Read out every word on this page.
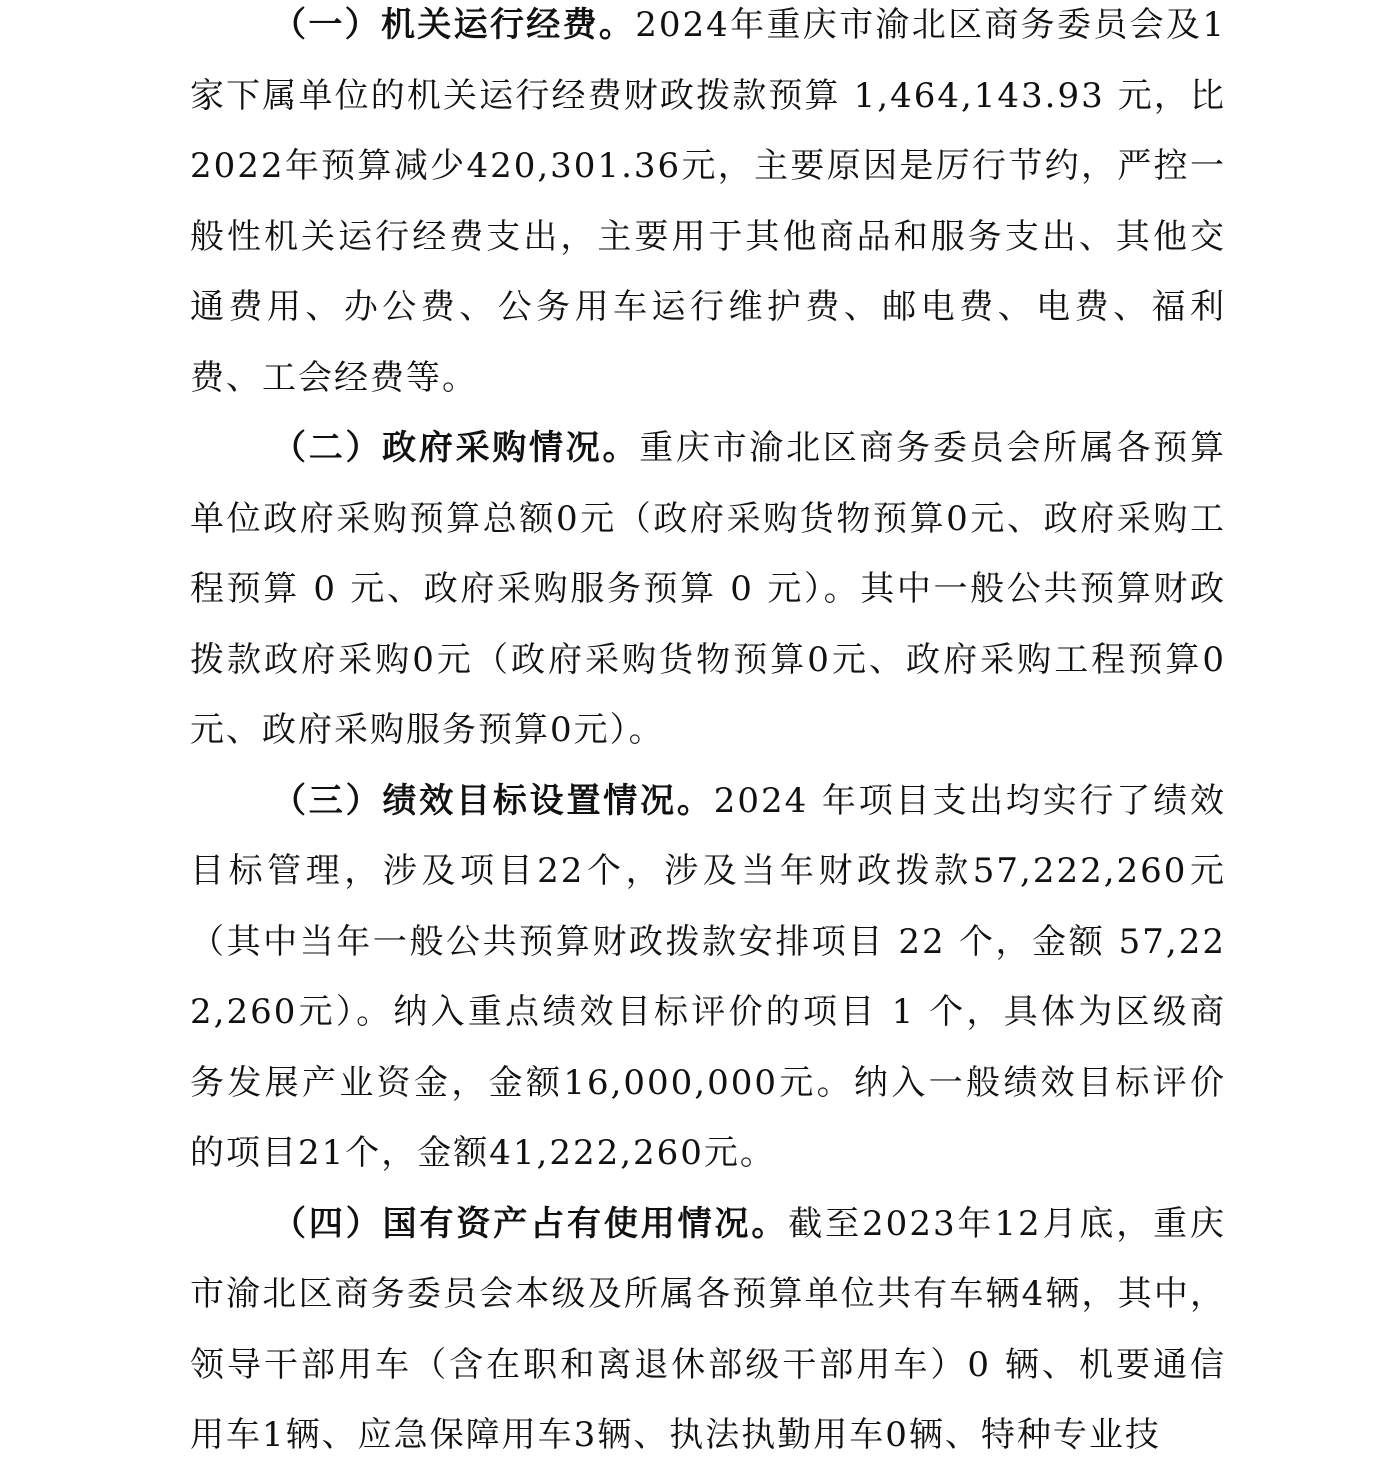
（一）机关运行经费。2024年重庆市渝北区商务委员会及1家下属单位的机关运行经费财政拨款预算 1,464,143.93 元，比2022年预算减少420,301.36元，主要原因是厉行节约，严控一般性机关运行经费支出，主要用于其他商品和服务支出、其他交通费用、办公费、公务用车运行维护费、邮电费、电费、福利费、工会经费等。

（二）政府采购情况。重庆市渝北区商务委员会所属各预算单位政府采购预算总额0元（政府采购货物预算0元、政府采购工程预算 0 元、政府采购服务预算 0 元）。其中一般公共预算财政拨款政府采购0元（政府采购货物预算0元、政府采购工程预算0元、政府采购服务预算0元）。

（三）绩效目标设置情况。2024 年项目支出均实行了绩效目标管理，涉及项目22个，涉及当年财政拨款57,222,260元（其中当年一般公共预算财政拨款安排项目 22 个，金额 57,222,260元）。纳入重点绩效目标评价的项目 1 个，具体为区级商务发展产业资金，金额16,000,000元。纳入一般绩效目标评价的项目21个，金额41,222,260元。

（四）国有资产占有使用情况。截至2023年12月底，重庆市渝北区商务委员会本级及所属各预算单位共有车辆4辆，其中，领导干部用车（含在职和离退休部级干部用车）0 辆、机要通信用车1辆、应急保障用车3辆、执法执勤用车0辆、特种专业技
